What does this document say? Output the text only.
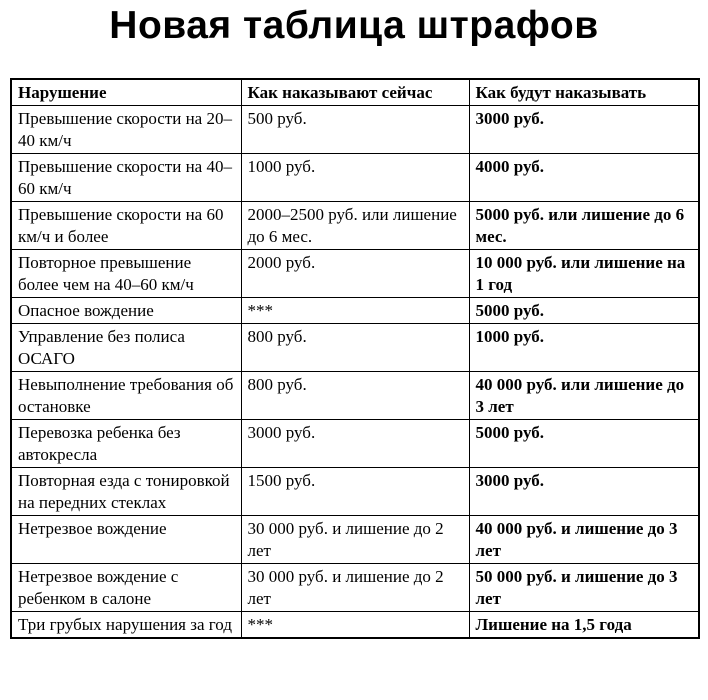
Новая таблица штрафов
Нарушение	Как наказывают сейчас	Как будут наказывать
Превышение скорости на 20–40 км/ч	500 руб.	3000 руб.
Превышение скорости на 40–60 км/ч	1000 руб.	4000 руб.
Превышение скорости на 60 км/ч и более	2000–2500 руб. или лишение до 6 мес.	5000 руб. или лишение до 6 мес.
Повторное превышение более чем на 40–60 км/ч	2000 руб.	10 000 руб. или лишение на 1 год
Опасное вождение	***	5000 руб.
Управление без полиса ОСАГО	800 руб.	1000 руб.
Невыполнение требования об остановке	800 руб.	40 000 руб. или лишение до 3 лет
Перевозка ребенка без автокресла	3000 руб.	5000 руб.
Повторная езда с тонировкой на передних стеклах	1500 руб.	3000 руб.
Нетрезвое вождение	30 000 руб. и лишение до 2 лет	40 000 руб. и лишение до 3 лет
Нетрезвое вождение с ребенком в салоне	30 000 руб. и лишение до 2 лет	50 000 руб. и лишение до 3 лет
Три грубых нарушения за год	***	Лишение на 1,5 года
